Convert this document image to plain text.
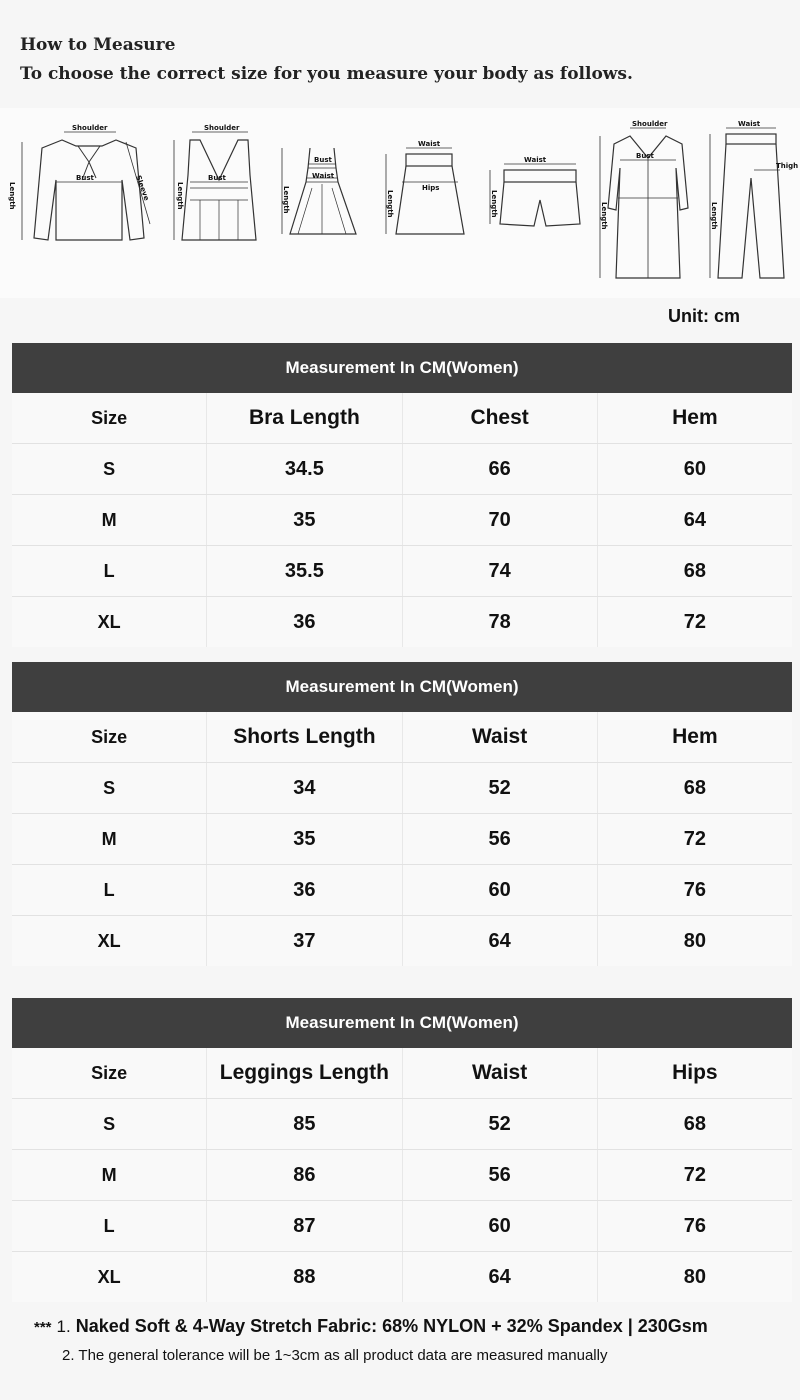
How to Measure
To choose the correct size for you measure your body as follows.
Shoulder
Bust
Length	Sleeve
Shoulder
Bust
Length
Bust
Waist
Length
Waist
Hips
Length
Waist
Length
Shoulder
Bust
Length
Waist
Thigh
Length
Unit: cm
Measurement In CM(Women)
Size	Bra Length	Chest	Hem
S	34.5	66	60
M	35	70	64
L	35.5	74	68
XL	36	78	72
Measurement In CM(Women)
Size	Shorts Length	Waist	Hem
S	34	52	68
M	35	56	72
L	36	60	76
XL	37	64	80
Measurement In CM(Women)
Size	Leggings Length	Waist	Hips
S	85	52	68
M	86	56	72
L	87	60	76
XL	88	64	80
*** 1. Naked Soft & 4-Way Stretch Fabric: 68% NYLON + 32% Spandex | 230Gsm
2. The general tolerance will be 1~3cm as all product data are measured manually
